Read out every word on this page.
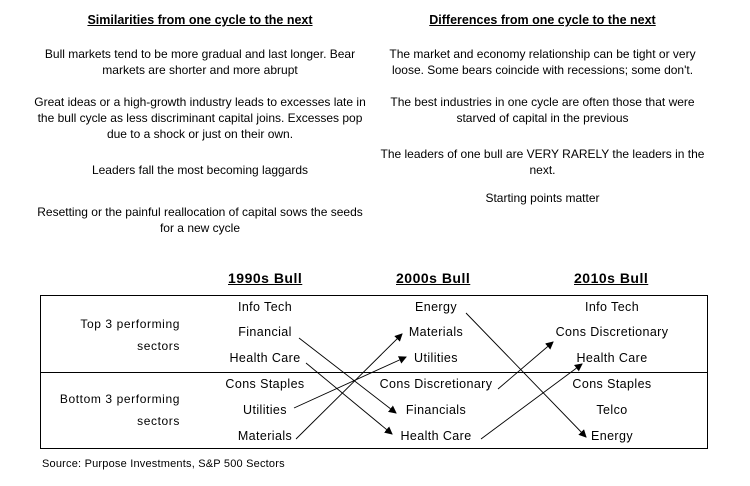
Similarities from one cycle to the next

Bull markets tend to be more gradual and last longer. Bear markets are shorter and more abrupt

Great ideas or a high-growth industry leads to excesses late in the bull cycle as less discriminant capital joins. Excesses pop due to a shock or just on their own.

Leaders fall the most becoming laggards

Resetting or the painful reallocation of capital sows the seeds for a new cycle

Differences from one cycle to the next

The market and economy relationship can be tight or very loose. Some bears coincide with recessions; some don't.

The best industries in one cycle are often those that were starved of capital in the previous

The leaders of one bull are VERY RARELY the leaders in the next.

Starting points matter

1990s Bull	2000s Bull	2010s Bull
Top 3 performing
sectors
Bottom 3 performing
sectors
Info Tech
Financial
Health Care
Cons Staples
Utilities
Materials
Energy
Materials
Utilities
Cons Discretionary
Financials
Health Care
Info Tech
Cons Discretionary
Health Care
Cons Staples
Telco
Energy
Source: Purpose Investments, S&P 500 Sectors
